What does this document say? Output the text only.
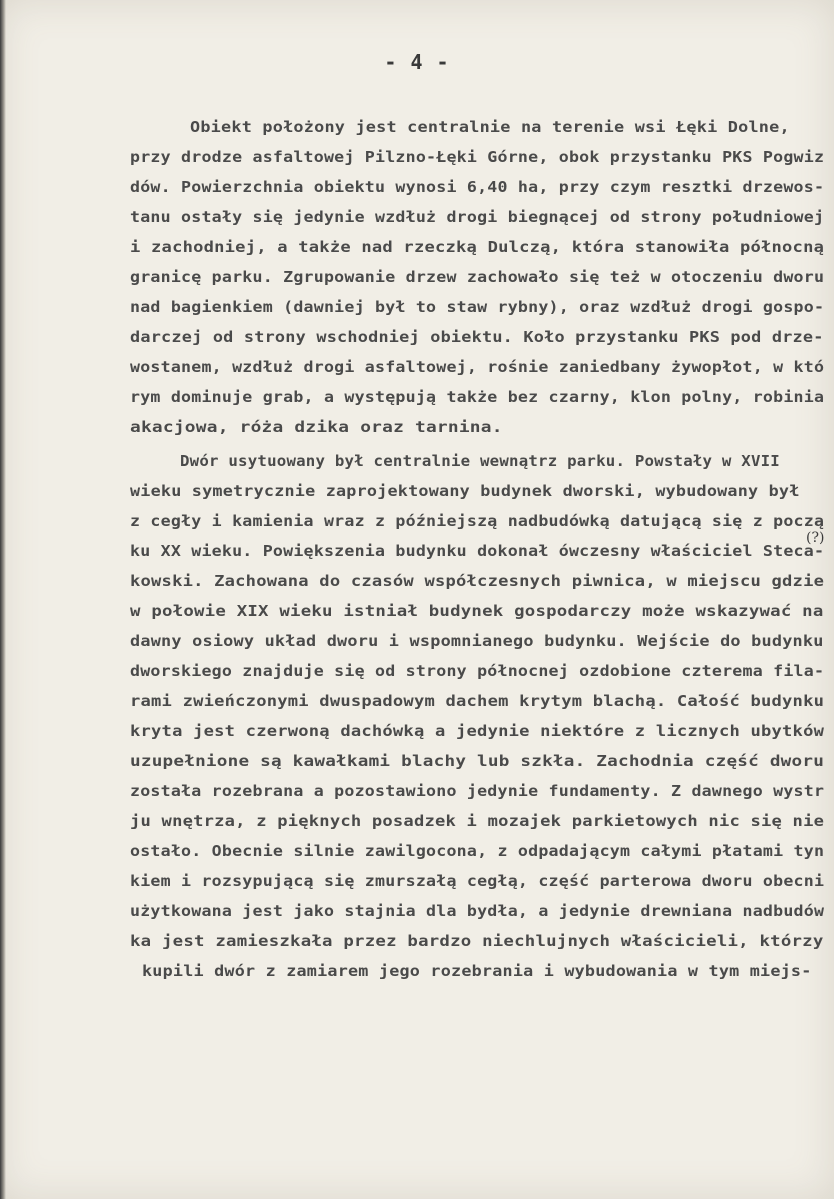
- 4 -
Obiekt położony jest centralnie na terenie wsi Łęki Dolne,
przy drodze asfaltowej Pilzno-Łęki Górne, obok przystanku PKS Pogwiz
dów. Powierzchnia obiektu wynosi 6,40 ha, przy czym resztki drzewos-
tanu ostały się jedynie wzdłuż drogi biegnącej od strony południowej
i zachodniej, a także nad rzeczką Dulczą, która stanowiła północną
granicę parku. Zgrupowanie drzew zachowało się też w otoczeniu dworu
nad bagienkiem (dawniej był to staw rybny), oraz wzdłuż drogi gospo-
darczej od strony wschodniej obiektu. Koło przystanku PKS pod drze-
wostanem, wzdłuż drogi asfaltowej, rośnie zaniedbany żywopłot, w któ
rym dominuje grab, a występują także bez czarny, klon polny, robinia
akacjowa, róża dzika oraz tarnina.
Dwór usytuowany był centralnie wewnątrz parku. Powstały w XVII
wieku symetrycznie zaprojektowany budynek dworski, wybudowany był
z cegły i kamienia wraz z późniejszą nadbudówką datującą się z począ
ku XX wieku. Powiększenia budynku dokonał ówczesny właściciel Steca-
kowski. Zachowana do czasów współczesnych piwnica, w miejscu gdzie
w połowie XIX wieku istniał budynek gospodarczy może wskazywać na
dawny osiowy układ dworu i wspomnianego budynku. Wejście do budynku
dworskiego znajduje się od strony północnej ozdobione czterema fila-
rami zwieńczonymi dwuspadowym dachem krytym blachą. Całość budynku
kryta jest czerwoną dachówką a jedynie niektóre z licznych ubytków
uzupełnione są kawałkami blachy lub szkła. Zachodnia część dworu
została rozebrana a pozostawiono jedynie fundamenty. Z dawnego wystr
ju wnętrza, z pięknych posadzek i mozajek parkietowych nic się nie
ostało. Obecnie silnie zawilgocona, z odpadającym całymi płatami tyn
kiem i rozsypującą się zmurszałą cegłą, część parterowa dworu obecni
użytkowana jest jako stajnia dla bydła, a jedynie drewniana nadbudów
ka jest zamieszkała przez bardzo niechlujnych właścicieli, którzy
kupili dwór z zamiarem jego rozebrania i wybudowania w tym miejs-
(?)
